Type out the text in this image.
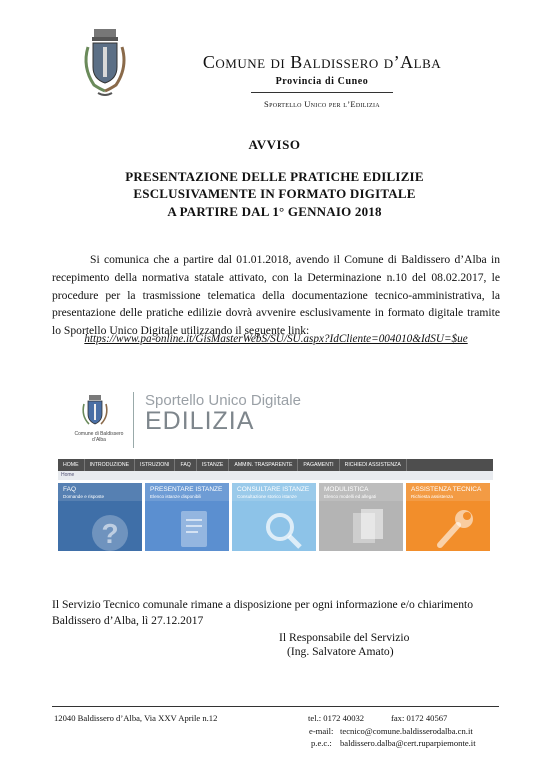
Comune di Baldissero d’Alba
Provincia di Cuneo
Sportello Unico per l’Edilizia
AVVISO
PRESENTAZIONE DELLE PRATICHE EDILIZIE
ESCLUSIVAMENTE IN FORMATO DIGITALE
A PARTIRE DAL 1° GENNAIO 2018

Si comunica che a partire dal 01.01.2018, avendo il Comune di Baldissero d’Alba in recepimento della normativa statale attivato, con la Determinazione n.10 del 08.02.2017, le procedure per la trasmissione telematica della documentazione tecnico-amministrativa, la presentazione delle pratiche edilizie dovrà avvenire esclusivamente in formato digitale tramite lo Sportello Unico Digitale utilizzando il seguente link:

https://www.pa-online.it/GisMasterWebS/SU/SU.aspx?IdCliente=004010&IdSU=$ue
Comune di Baldissero d’Alba
Sportello Unico Digitale
EDILIZIA
HOME	INTRODUZIONE	ISTRUZIONI	FAQ	ISTANZE	AMMIN. TRASPARENTE	PAGAMENTI	RICHIEDI ASSISTENZA
Home
FAQ
Domande e risposte
?
PRESENTARE ISTANZE
Elenco istanze disponibili
CONSULTARE ISTANZE
Consultazione storico istanze
MODULISTICA
Elenco modelli ed allegati
ASSISTENZA TECNICA
Richiesta assistenza
Il Servizio Tecnico comunale rimane a disposizione per ogni informazione e/o chiarimento
Baldissero d’Alba, lì 27.12.2017
Il Responsabile del Servizio
(Ing. Salvatore Amato)
12040 Baldissero d’Alba, Via XXV Aprile n.12	tel.: 0172 40032	fax: 0172 40567
e-mail: tecnico@comune.baldisserodalba.cn.it
p.e.c.: baldissero.dalba@cert.ruparpiemonte.it
